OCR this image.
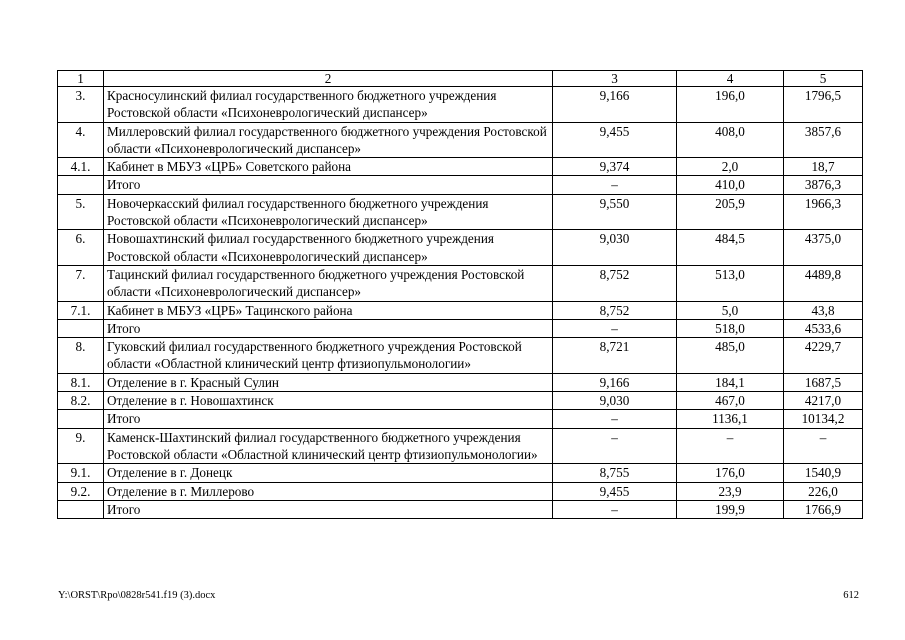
1	2	3	4	5
3.	Красносулинский филиал государственного бюджетного учреждения Ростовской области «Психоневрологический диспансер»	9,166	196,0	1796,5
4.	Миллеровский филиал государственного бюджетного учреждения Ростовской области «Психоневрологический диспансер»	9,455	408,0	3857,6
4.1.	Кабинет в МБУЗ «ЦРБ» Советского района	9,374	2,0	18,7
	Итого	–	410,0	3876,3
5.	Новочеркасский филиал государственного бюджетного учреждения Ростовской области «Психоневрологический диспансер»	9,550	205,9	1966,3
6.	Новошахтинский филиал государственного бюджетного учреждения Ростовской области «Психоневрологический диспансер»	9,030	484,5	4375,0
7.	Тацинский филиал государственного бюджетного учреждения Ростовской области «Психоневрологический диспансер»	8,752	513,0	4489,8
7.1.	Кабинет в МБУЗ «ЦРБ» Тацинского района	8,752	5,0	43,8
	Итого	–	518,0	4533,6
8.	Гуковский филиал государственного бюджетного учреждения Ростовской области «Областной клинический центр фтизиопульмонологии»	8,721	485,0	4229,7
8.1.	Отделение в г. Красный Сулин	9,166	184,1	1687,5
8.2.	Отделение в г. Новошахтинск	9,030	467,0	4217,0
	Итого	–	1136,1	10134,2
9.	Каменск-Шахтинский филиал государственного бюджетного учреждения Ростовской области «Областной клинический центр фтизиопульмонологии»	–	–	–
9.1.	Отделение в г. Донецк	8,755	176,0	1540,9
9.2.	Отделение в г. Миллерово	9,455	23,9	226,0
	Итого	–	199,9	1766,9
Y:\ORST\Rpo\0828r541.f19 (3).docx	612
